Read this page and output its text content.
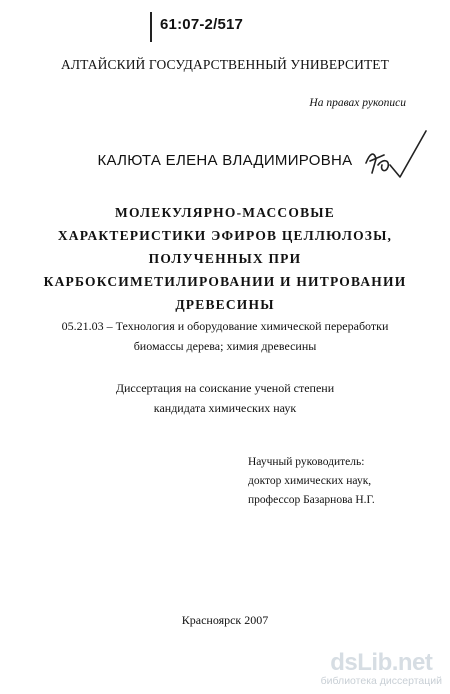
61:07-2/517
АЛТАЙСКИЙ ГОСУДАРСТВЕННЫЙ УНИВЕРСИТЕТ
На правах рукописи
КАЛЮТА ЕЛЕНА ВЛАДИМИРОВНА
МОЛЕКУЛЯРНО-МАССОВЫЕ
ХАРАКТЕРИСТИКИ ЭФИРОВ ЦЕЛЛЮЛОЗЫ,
ПОЛУЧЕННЫХ ПРИ
КАРБОКСИМЕТИЛИРОВАНИИ И НИТРОВАНИИ
ДРЕВЕСИНЫ
05.21.03 – Технология и оборудование химической переработки
биомассы дерева; химия древесины
Диссертация на соискание ученой степени
кандидата химических наук
Научный руководитель:
доктор химических наук,
профессор Базарнова Н.Г.
Красноярск 2007
dsLib.net
библиотека диссертаций
